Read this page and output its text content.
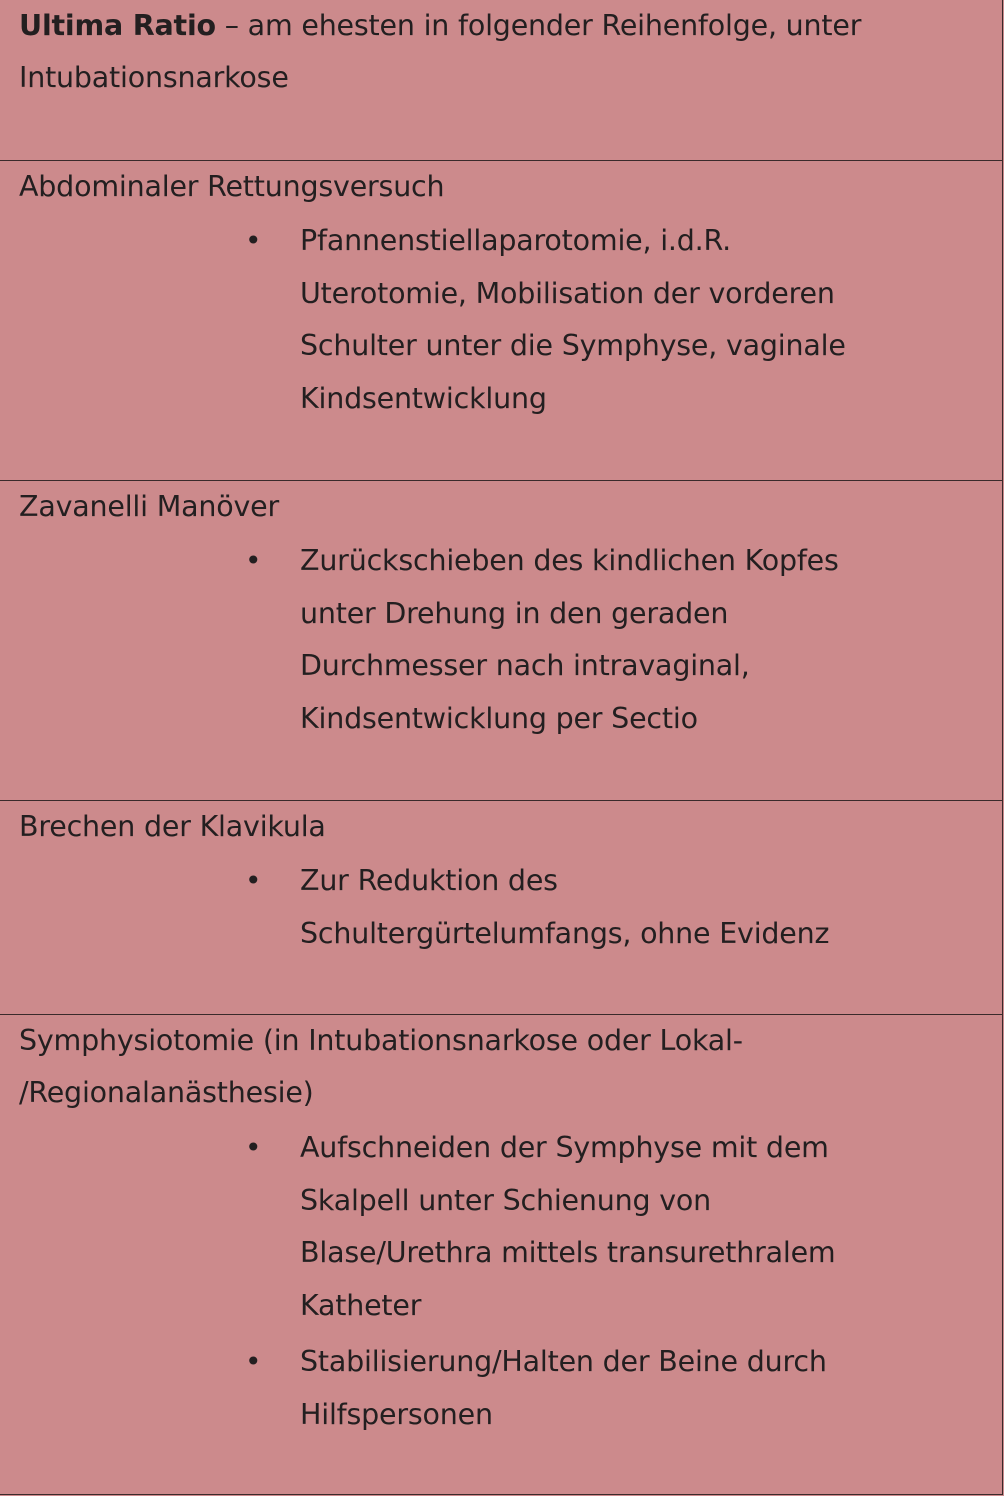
Ultima Ratio – am ehesten in folgender Reihenfolge, unter
Intubationsnarkose
Abdominaler Rettungsversuch
• Pfannenstiellaparotomie, i.d.R.
Uterotomie, Mobilisation der vorderen
Schulter unter die Symphyse, vaginale
Kindsentwicklung
Zavanelli Manöver
• Zurückschieben des kindlichen Kopfes
unter Drehung in den geraden
Durchmesser nach intravaginal,
Kindsentwicklung per Sectio
Brechen der Klavikula
• Zur Reduktion des
Schultergürtelumfangs, ohne Evidenz
Symphysiotomie (in Intubationsnarkose oder Lokal-
/Regionalanästhesie)
• Aufschneiden der Symphyse mit dem
Skalpell unter Schienung von
Blase/Urethra mittels transurethralem
Katheter
• Stabilisierung/Halten der Beine durch
Hilfspersonen
